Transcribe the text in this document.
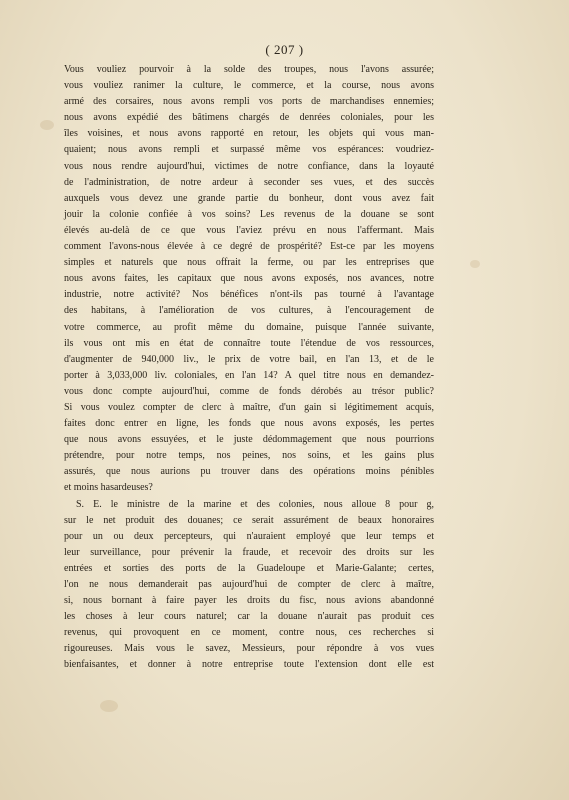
( 207 )
Vous vouliez pourvoir à la solde des troupes, nous l'avons assurée;
vous vouliez ranimer la culture, le commerce, et la course, nous avons
armé des corsaires, nous avons rempli vos ports de marchandises ennemies;
nous avons expédié des bâtimens chargés de denrées coloniales, pour les
îles voisines, et nous avons rapporté en retour, les objets qui vous man-
quaient; nous avons rempli et surpassé même vos espérances: voudriez-
vous nous rendre aujourd'hui, victimes de notre confiance, dans la loyauté
de l'administration, de notre ardeur à seconder ses vues, et des succès
auxquels vous devez une grande partie du bonheur, dont vous avez fait
jouir la colonie confiée à vos soins? Les revenus de la douane se sont
élevés au-delà de ce que vous l'aviez prévu en nous l'affermant. Mais
comment l'avons-nous élevée à ce degré de prospérité? Est-ce par les moyens
simples et naturels que nous offrait la ferme, ou par les entreprises que
nous avons faites, les capitaux que nous avons exposés, nos avances, notre
industrie, notre activité? Nos bénéfices n'ont-ils pas tourné à l'avantage
des habitans, à l'amélioration de vos cultures, à l'encouragement de
votre commerce, au profit même du domaine, puisque l'année suivante,
ils vous ont mis en état de connaître toute l'étendue de vos ressources,
d'augmenter de 940,000 liv., le prix de votre bail, en l'an 13, et de le
porter à 3,033,000 liv. coloniales, en l'an 14? A quel titre nous en demandez-
vous donc compte aujourd'hui, comme de fonds dérobés au trésor public?
Si vous voulez compter de clerc à maître, d'un gain si légitimement acquis,
faites donc entrer en ligne, les fonds que nous avons exposés, les pertes
que nous avons essuyées, et le juste dédommagement que nous pourrions
prétendre, pour notre temps, nos peines, nos soins, et les gains plus
assurés, que nous aurions pu trouver dans des opérations moins pénibles
et moins hasardeuses?
S. E. le ministre de la marine et des colonies, nous alloue 8 pour g,
sur le net produit des douanes; ce serait assurément de beaux honoraires
pour un ou deux percepteurs, qui n'auraient employé que leur temps et
leur surveillance, pour prévenir la fraude, et recevoir des droits sur les
entrées et sorties des ports de la Guadeloupe et Marie-Galante; certes,
l'on ne nous demanderait pas aujourd'hui de compter de clerc à maître,
si, nous bornant à faire payer les droits du fisc, nous avions abandonné
les choses à leur cours naturel; car la douane n'aurait pas produit ces
revenus, qui provoquent en ce moment, contre nous, ces recherches si
rigoureuses. Mais vous le savez, Messieurs, pour répondre à vos vues
bienfaisantes, et donner à notre entreprise toute l'extension dont elle est
